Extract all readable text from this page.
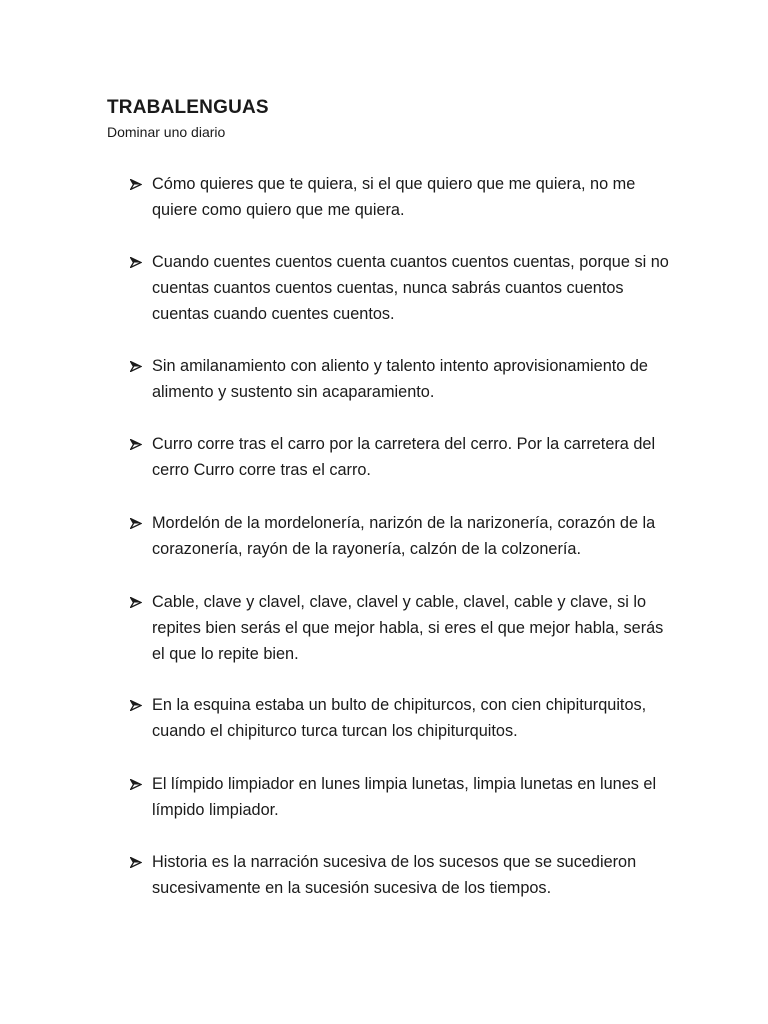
TRABALENGUAS

Dominar uno diario

Cómo quieres que te quiera, si el que quiero que me quiera, no me quiere como quiero que me quiera.
Cuando cuentes cuentos cuenta cuantos cuentos cuentas, porque si no cuentas cuantos cuentos cuentas, nunca sabrás cuantos cuentos cuentas cuando cuentes cuentos.
Sin amilanamiento con aliento y talento intento aprovisionamiento de alimento y sustento sin acaparamiento.
Curro corre tras el carro por la carretera del cerro. Por la carretera del cerro Curro corre tras el carro.
Mordelón de la mordelonería, narizón de la narizonería, corazón de la corazonería, rayón de la rayonería, calzón de la colzonería.
Cable, clave y clavel, clave, clavel y cable, clavel, cable y clave, si lo repites bien serás el que mejor habla, si eres el que mejor habla, serás el que lo repite bien.
En la esquina estaba un bulto de chipiturcos, con cien chipiturquitos, cuando el chipiturco turca turcan los chipiturquitos.
El límpido limpiador en lunes limpia lunetas, limpia lunetas en lunes el límpido limpiador.
Historia es la narración sucesiva de los sucesos que se sucedieron sucesivamente en la sucesión sucesiva de los tiempos.
